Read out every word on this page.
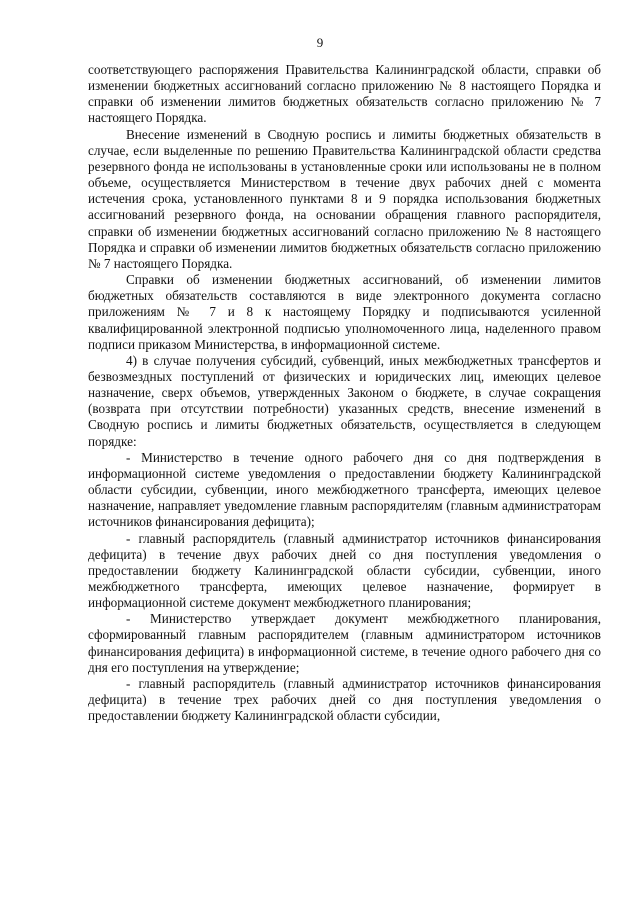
9

соответствующего распоряжения Правительства Калининградской области, справки об изменении бюджетных ассигнований согласно приложению № 8 настоящего Порядка и справки об изменении лимитов бюджетных обязательств согласно приложению № 7 настоящего Порядка.

Внесение изменений в Сводную роспись и лимиты бюджетных обязательств в случае, если выделенные по решению Правительства Калининградской области средства резервного фонда не использованы в установленные сроки или использованы не в полном объеме, осуществляется Министерством в течение двух рабочих дней с момента истечения срока, установленного пунктами 8 и 9 порядка использования бюджетных ассигнований резервного фонда, на основании обращения главного распорядителя, справки об изменении бюджетных ассигнований согласно приложению № 8 настоящего Порядка и справки об изменении лимитов бюджетных обязательств согласно приложению № 7 настоящего Порядка.

Справки об изменении бюджетных ассигнований, об изменении лимитов бюджетных обязательств составляются в виде электронного документа согласно приложениям № 7 и 8 к настоящему Порядку и подписываются усиленной квалифицированной электронной подписью уполномоченного лица, наделенного правом подписи приказом Министерства, в информационной системе.

4) в случае получения субсидий, субвенций, иных межбюджетных трансфертов и безвозмездных поступлений от физических и юридических лиц, имеющих целевое назначение, сверх объемов, утвержденных Законом о бюджете, в случае сокращения (возврата при отсутствии потребности) указанных средств, внесение изменений в Сводную роспись и лимиты бюджетных обязательств, осуществляется в следующем порядке:

- Министерство в течение одного рабочего дня со дня подтверждения в информационной системе уведомления о предоставлении бюджету Калининградской области субсидии, субвенции, иного межбюджетного трансферта, имеющих целевое назначение, направляет уведомление главным распорядителям (главным администраторам источников финансирования дефицита);

- главный распорядитель (главный администратор источников финансирования дефицита) в течение двух рабочих дней со дня поступления уведомления о предоставлении бюджету Калининградской области субсидии, субвенции, иного межбюджетного трансферта, имеющих целевое назначение, формирует в информационной системе документ межбюджетного планирования;

- Министерство утверждает документ межбюджетного планирования, сформированный главным распорядителем (главным администратором источников финансирования дефицита) в информационной системе, в течение одного рабочего дня со дня его поступления на утверждение;

- главный распорядитель (главный администратор источников финансирования дефицита) в течение трех рабочих дней со дня поступления уведомления о предоставлении бюджету Калининградской области субсидии,
